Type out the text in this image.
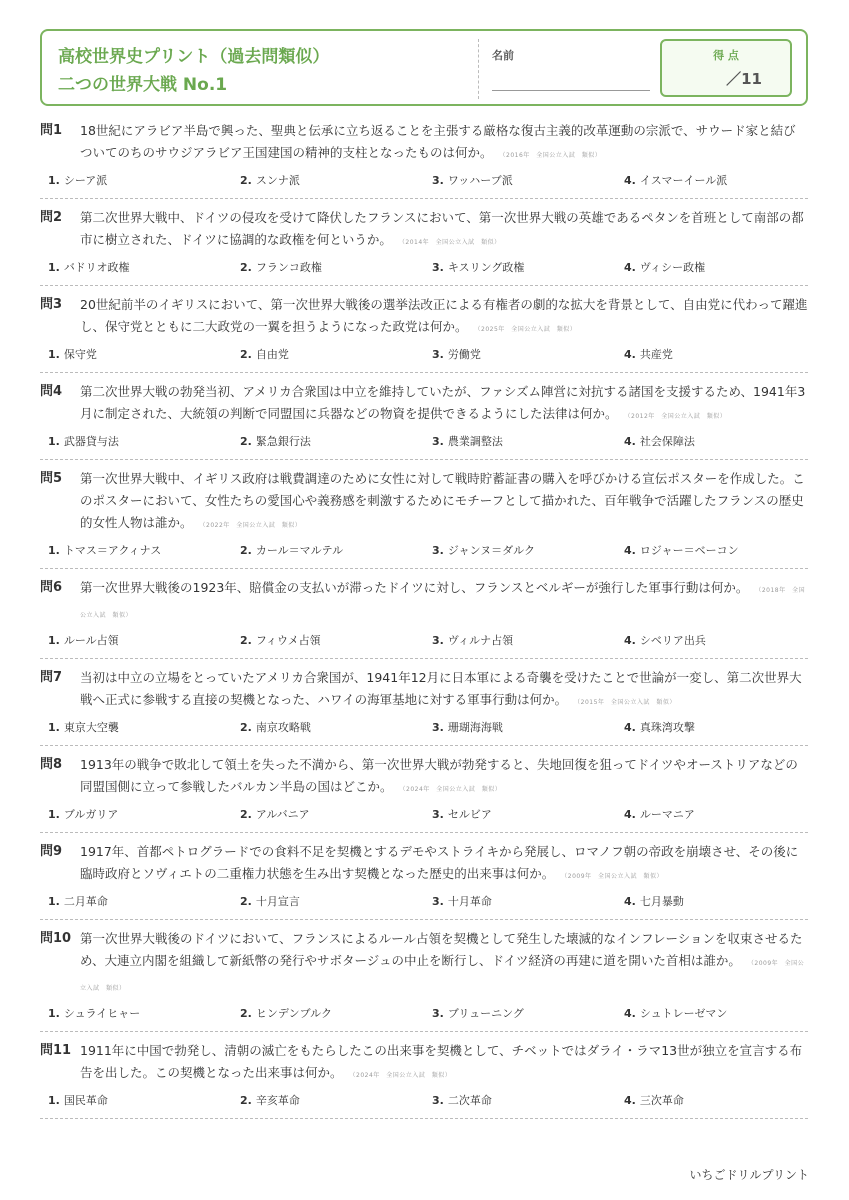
高校世界史プリント（過去問類似）
二つの世界大戦 No.1
名前	得 点
／11
問1	18世紀にアラビア半島で興った、聖典と伝承に立ち返ることを主張する厳格な復古主義的改革運動の宗派で、サウード家と結びついてのちのサウジアラビア王国建国の精神的支柱となったものは何か。 （2016年　全国公立入試　類似）
1. シーア派	2. スンナ派	3. ワッハーブ派	4. イスマーイール派
問2	第二次世界大戦中、ドイツの侵攻を受けて降伏したフランスにおいて、第一次世界大戦の英雄であるペタンを首班として南部の都市に樹立された、ドイツに協調的な政権を何というか。 （2014年　全国公立入試　類似）
1. バドリオ政権	2. フランコ政権	3. キスリング政権	4. ヴィシー政権
問3	20世紀前半のイギリスにおいて、第一次世界大戦後の選挙法改正による有権者の劇的な拡大を背景として、自由党に代わって躍進し、保守党とともに二大政党の一翼を担うようになった政党は何か。 （2025年　全国公立入試　類似）
1. 保守党	2. 自由党	3. 労働党	4. 共産党
問4	第二次世界大戦の勃発当初、アメリカ合衆国は中立を維持していたが、ファシズム陣営に対抗する諸国を支援するため、1941年3月に制定された、大統領の判断で同盟国に兵器などの物資を提供できるようにした法律は何か。 （2012年　全国公立入試　類似）
1. 武器貸与法	2. 緊急銀行法	3. 農業調整法	4. 社会保障法
問5	第一次世界大戦中、イギリス政府は戦費調達のために女性に対して戦時貯蓄証書の購入を呼びかける宣伝ポスターを作成した。このポスターにおいて、女性たちの愛国心や義務感を刺激するためにモチーフとして描かれた、百年戦争で活躍したフランスの歴史的女性人物は誰か。 （2022年　全国公立入試　類似）
1. トマス＝アクィナス	2. カール＝マルテル	3. ジャンヌ＝ダルク	4. ロジャー＝ベーコン
問6	第一次世界大戦後の1923年、賠償金の支払いが滞ったドイツに対し、フランスとベルギーが強行した軍事行動は何か。 （2018年　全国公立入試　類似）
1. ルール占領	2. フィウメ占領	3. ヴィルナ占領	4. シベリア出兵
問7	当初は中立の立場をとっていたアメリカ合衆国が、1941年12月に日本軍による奇襲を受けたことで世論が一変し、第二次世界大戦へ正式に参戦する直接の契機となった、ハワイの海軍基地に対する軍事行動は何か。 （2015年　全国公立入試　類似）
1. 東京大空襲	2. 南京攻略戦	3. 珊瑚海海戦	4. 真珠湾攻撃
問8	1913年の戦争で敗北して領土を失った不満から、第一次世界大戦が勃発すると、失地回復を狙ってドイツやオーストリアなどの同盟国側に立って参戦したバルカン半島の国はどこか。 （2024年　全国公立入試　類似）
1. ブルガリア	2. アルバニア	3. セルビア	4. ルーマニア
問9	1917年、首都ペトログラードでの食料不足を契機とするデモやストライキから発展し、ロマノフ朝の帝政を崩壊させ、その後に臨時政府とソヴィエトの二重権力状態を生み出す契機となった歴史的出来事は何か。 （2009年　全国公立入試　類似）
1. 二月革命	2. 十月宣言	3. 十月革命	4. 七月暴動
問10 第一次世界大戦後のドイツにおいて、フランスによるルール占領を契機として発生した壊滅的なインフレーションを収束させるため、大連立内閣を組織して新紙幣の発行やサボタージュの中止を断行し、ドイツ経済の再建に道を開いた首相は誰か。 （2009年　全国公立入試　類似）
1. シュライヒャー	2. ヒンデンブルク	3. ブリューニング	4. シュトレーゼマン
問11 1911年に中国で勃発し、清朝の滅亡をもたらしたこの出来事を契機として、チベットではダライ・ラマ13世が独立を宣言する布告を出した。この契機となった出来事は何か。 （2024年　全国公立入試　類似）
1. 国民革命	2. 辛亥革命	3. 二次革命	4. 三次革命
いちごドリルプリント
